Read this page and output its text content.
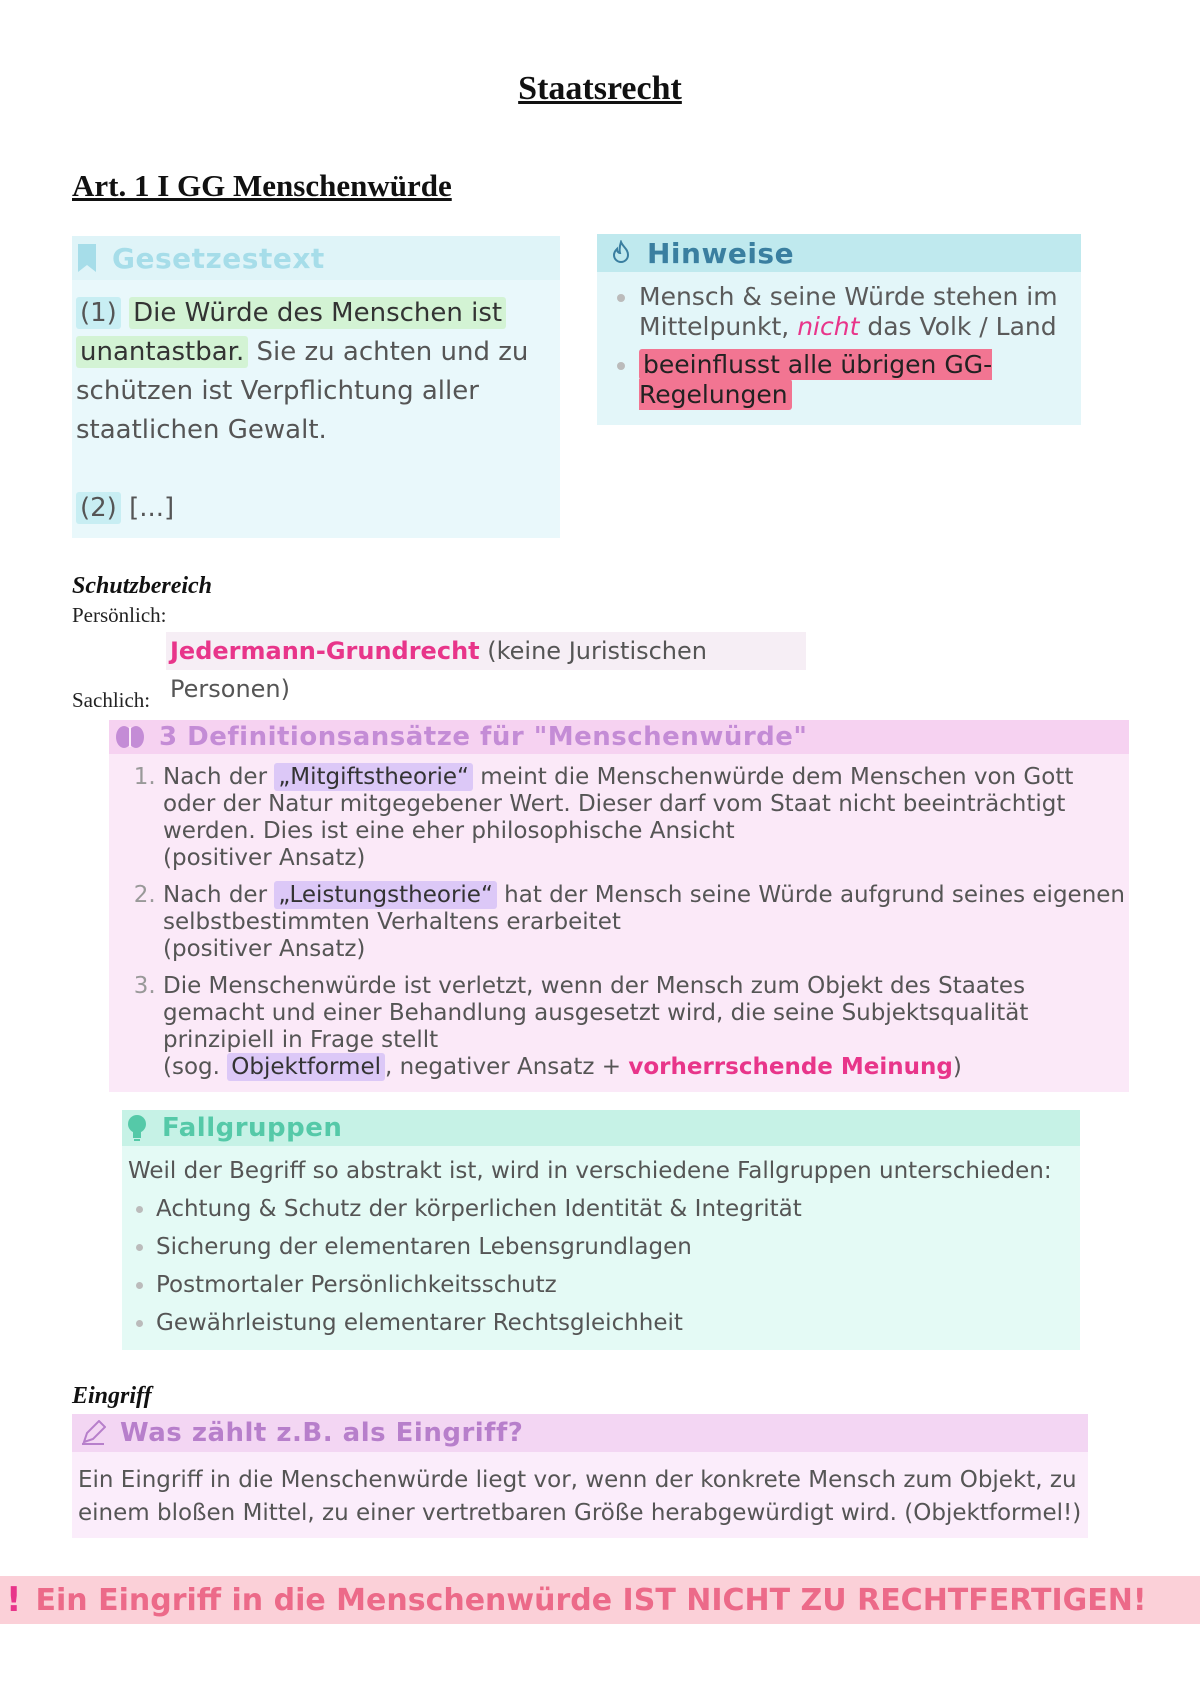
Staatsrecht
Art. 1 I GG Menschenwürde
Gesetzestext
(1) Die Würde des Menschen ist unantastbar. Sie zu achten und zu schützen ist Verpflichtung aller staatlichen Gewalt.
(2) [...]
Hinweise
• Mensch & seine Würde stehen im Mittelpunkt, nicht das Volk / Land
• beeinflusst alle übrigen GG-Regelungen
Schutzbereich
Persönlich:
Jedermann-Grundrecht (keine Juristischen Personen)
Sachlich:
3 Definitionsansätze für "Menschenwürde"
1. Nach der „Mitgiftstheorie“ meint die Menschenwürde dem Menschen von Gott oder der Natur mitgegebener Wert. Dieser darf vom Staat nicht beeinträchtigt werden. Dies ist eine eher philosophische Ansicht
(positiver Ansatz)
2. Nach der „Leistungstheorie“ hat der Mensch seine Würde aufgrund seines eigenen selbstbestimmten Verhaltens erarbeitet
(positiver Ansatz)
3. Die Menschenwürde ist verletzt, wenn der Mensch zum Objekt des Staates gemacht und einer Behandlung ausgesetzt wird, die seine Subjektsqualität prinzipiell in Frage stellt
(sog. Objektformel , negativer Ansatz + vorherrschende Meinung)
Fallgruppen
Weil der Begriff so abstrakt ist, wird in verschiedene Fallgruppen unterschieden:
• Achtung & Schutz der körperlichen Identität & Integrität
• Sicherung der elementaren Lebensgrundlagen
• Postmortaler Persönlichkeitsschutz
• Gewährleistung elementarer Rechtsgleichheit
Eingriff
Was zählt z.B. als Eingriff?
Ein Eingriff in die Menschenwürde liegt vor, wenn der konkrete Mensch zum Objekt, zu einem bloßen Mittel, zu einer vertretbaren Größe herabgewürdigt wird. (Objektformel!)
! Ein Eingriff in die Menschenwürde IST NICHT ZU RECHTFERTIGEN!
